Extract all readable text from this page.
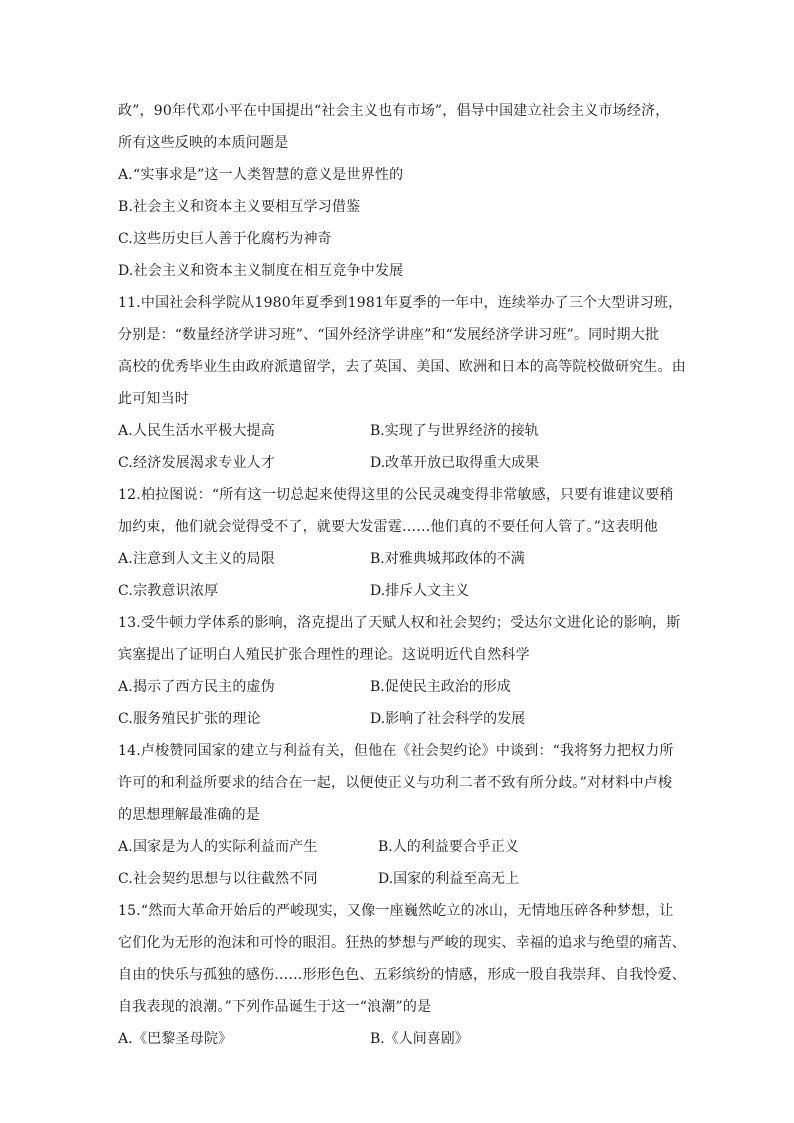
政”，90年代邓小平在中国提出“社会主义也有市场”，倡导中国建立社会主义市场经济，
所有这些反映的本质问题是
A.“实事求是”这一人类智慧的意义是世界性的
B.社会主义和资本主义要相互学习借鉴
C.这些历史巨人善于化腐朽为神奇
D.社会主义和资本主义制度在相互竞争中发展
11.中国社会科学院从1980年夏季到1981年夏季的一年中，连续举办了三个大型讲习班，
分别是：“数量经济学讲习班”、“国外经济学讲座”和“发展经济学讲习班”。同时期大批
高校的优秀毕业生由政府派遣留学，去了英国、美国、欧洲和日本的高等院校做研究生。由
此可知当时
A.人民生活水平极大提高	B.实现了与世界经济的接轨
C.经济发展渴求专业人才	D.改革开放已取得重大成果
12.柏拉图说：“所有这一切总起来使得这里的公民灵魂变得非常敏感，只要有谁建议要稍
加约束，他们就会觉得受不了，就要大发雷霆……他们真的不要任何人管了。”这表明他
A.注意到人文主义的局限	B.对雅典城邦政体的不满
C.宗教意识浓厚	D.排斥人文主义
13.受牛顿力学体系的影响，洛克提出了天赋人权和社会契约；受达尔文进化论的影响，斯
宾塞提出了证明白人殖民扩张合理性的理论。这说明近代自然科学
A.揭示了西方民主的虚伪	B.促使民主政治的形成
C.服务殖民扩张的理论	D.影响了社会科学的发展
14.卢梭赞同国家的建立与利益有关，但他在《社会契约论》中谈到：“我将努力把权力所
许可的和利益所要求的结合在一起，以便使正义与功利二者不致有所分歧。”对材料中卢梭
的思想理解最准确的是
A.国家是为人的实际利益而产生	B.人的利益要合乎正义
C.社会契约思想与以往截然不同	D.国家的利益至高无上
15.“然而大革命开始后的严峻现实，又像一座巍然屹立的冰山，无情地压碎各种梦想，让
它们化为无形的泡沫和可怜的眼泪。狂热的梦想与严峻的现实、幸福的追求与绝望的痛苦、
自由的快乐与孤独的感伤……形形色色、五彩缤纷的情感，形成一股自我崇拜、自我怜爱、
自我表现的浪潮。”下列作品诞生于这一“浪潮”的是
A.《巴黎圣母院》	B.《人间喜剧》
